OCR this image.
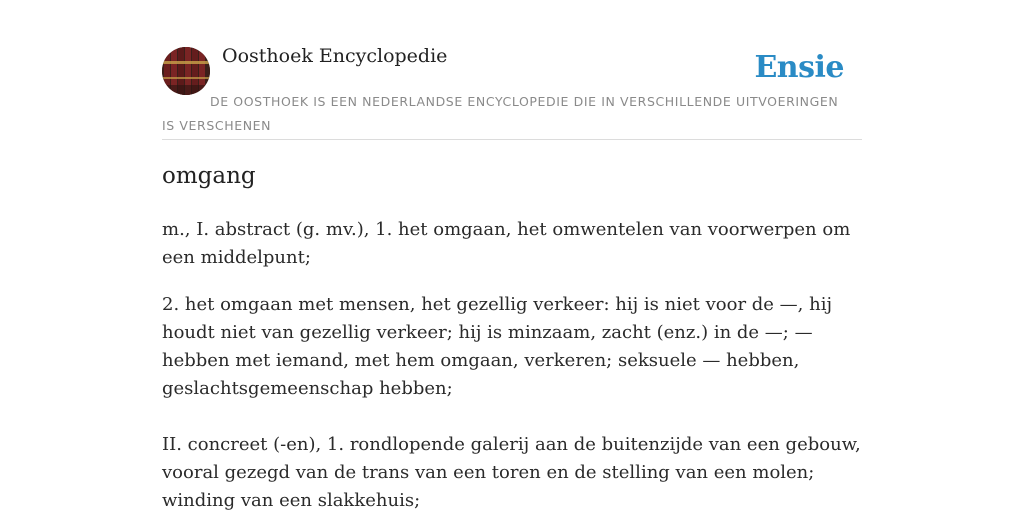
Oosthoek Encyclopedie	Ensie
DE OOSTHOEK IS EEN NEDERLANDSE ENCYCLOPEDIE DIE IN VERSCHILLENDE UITVOERINGEN IS VERSCHENEN
omgang

m., I. abstract (g. mv.), 1. het omgaan, het omwentelen van voorwerpen om een middelpunt;

2. het omgaan met mensen, het gezellig verkeer: hij is niet voor de —, hij houdt niet van gezellig verkeer; hij is minzaam, zacht (enz.) in de —; — hebben met iemand, met hem omgaan, verkeren; seksuele — hebben, geslachtsgemeenschap hebben;

II. concreet (-en), 1. rondlopende galerij aan de buitenzijde van een gebouw, vooral gezegd van de trans van een toren en de stelling van een molen; winding van een slakkehuis;
